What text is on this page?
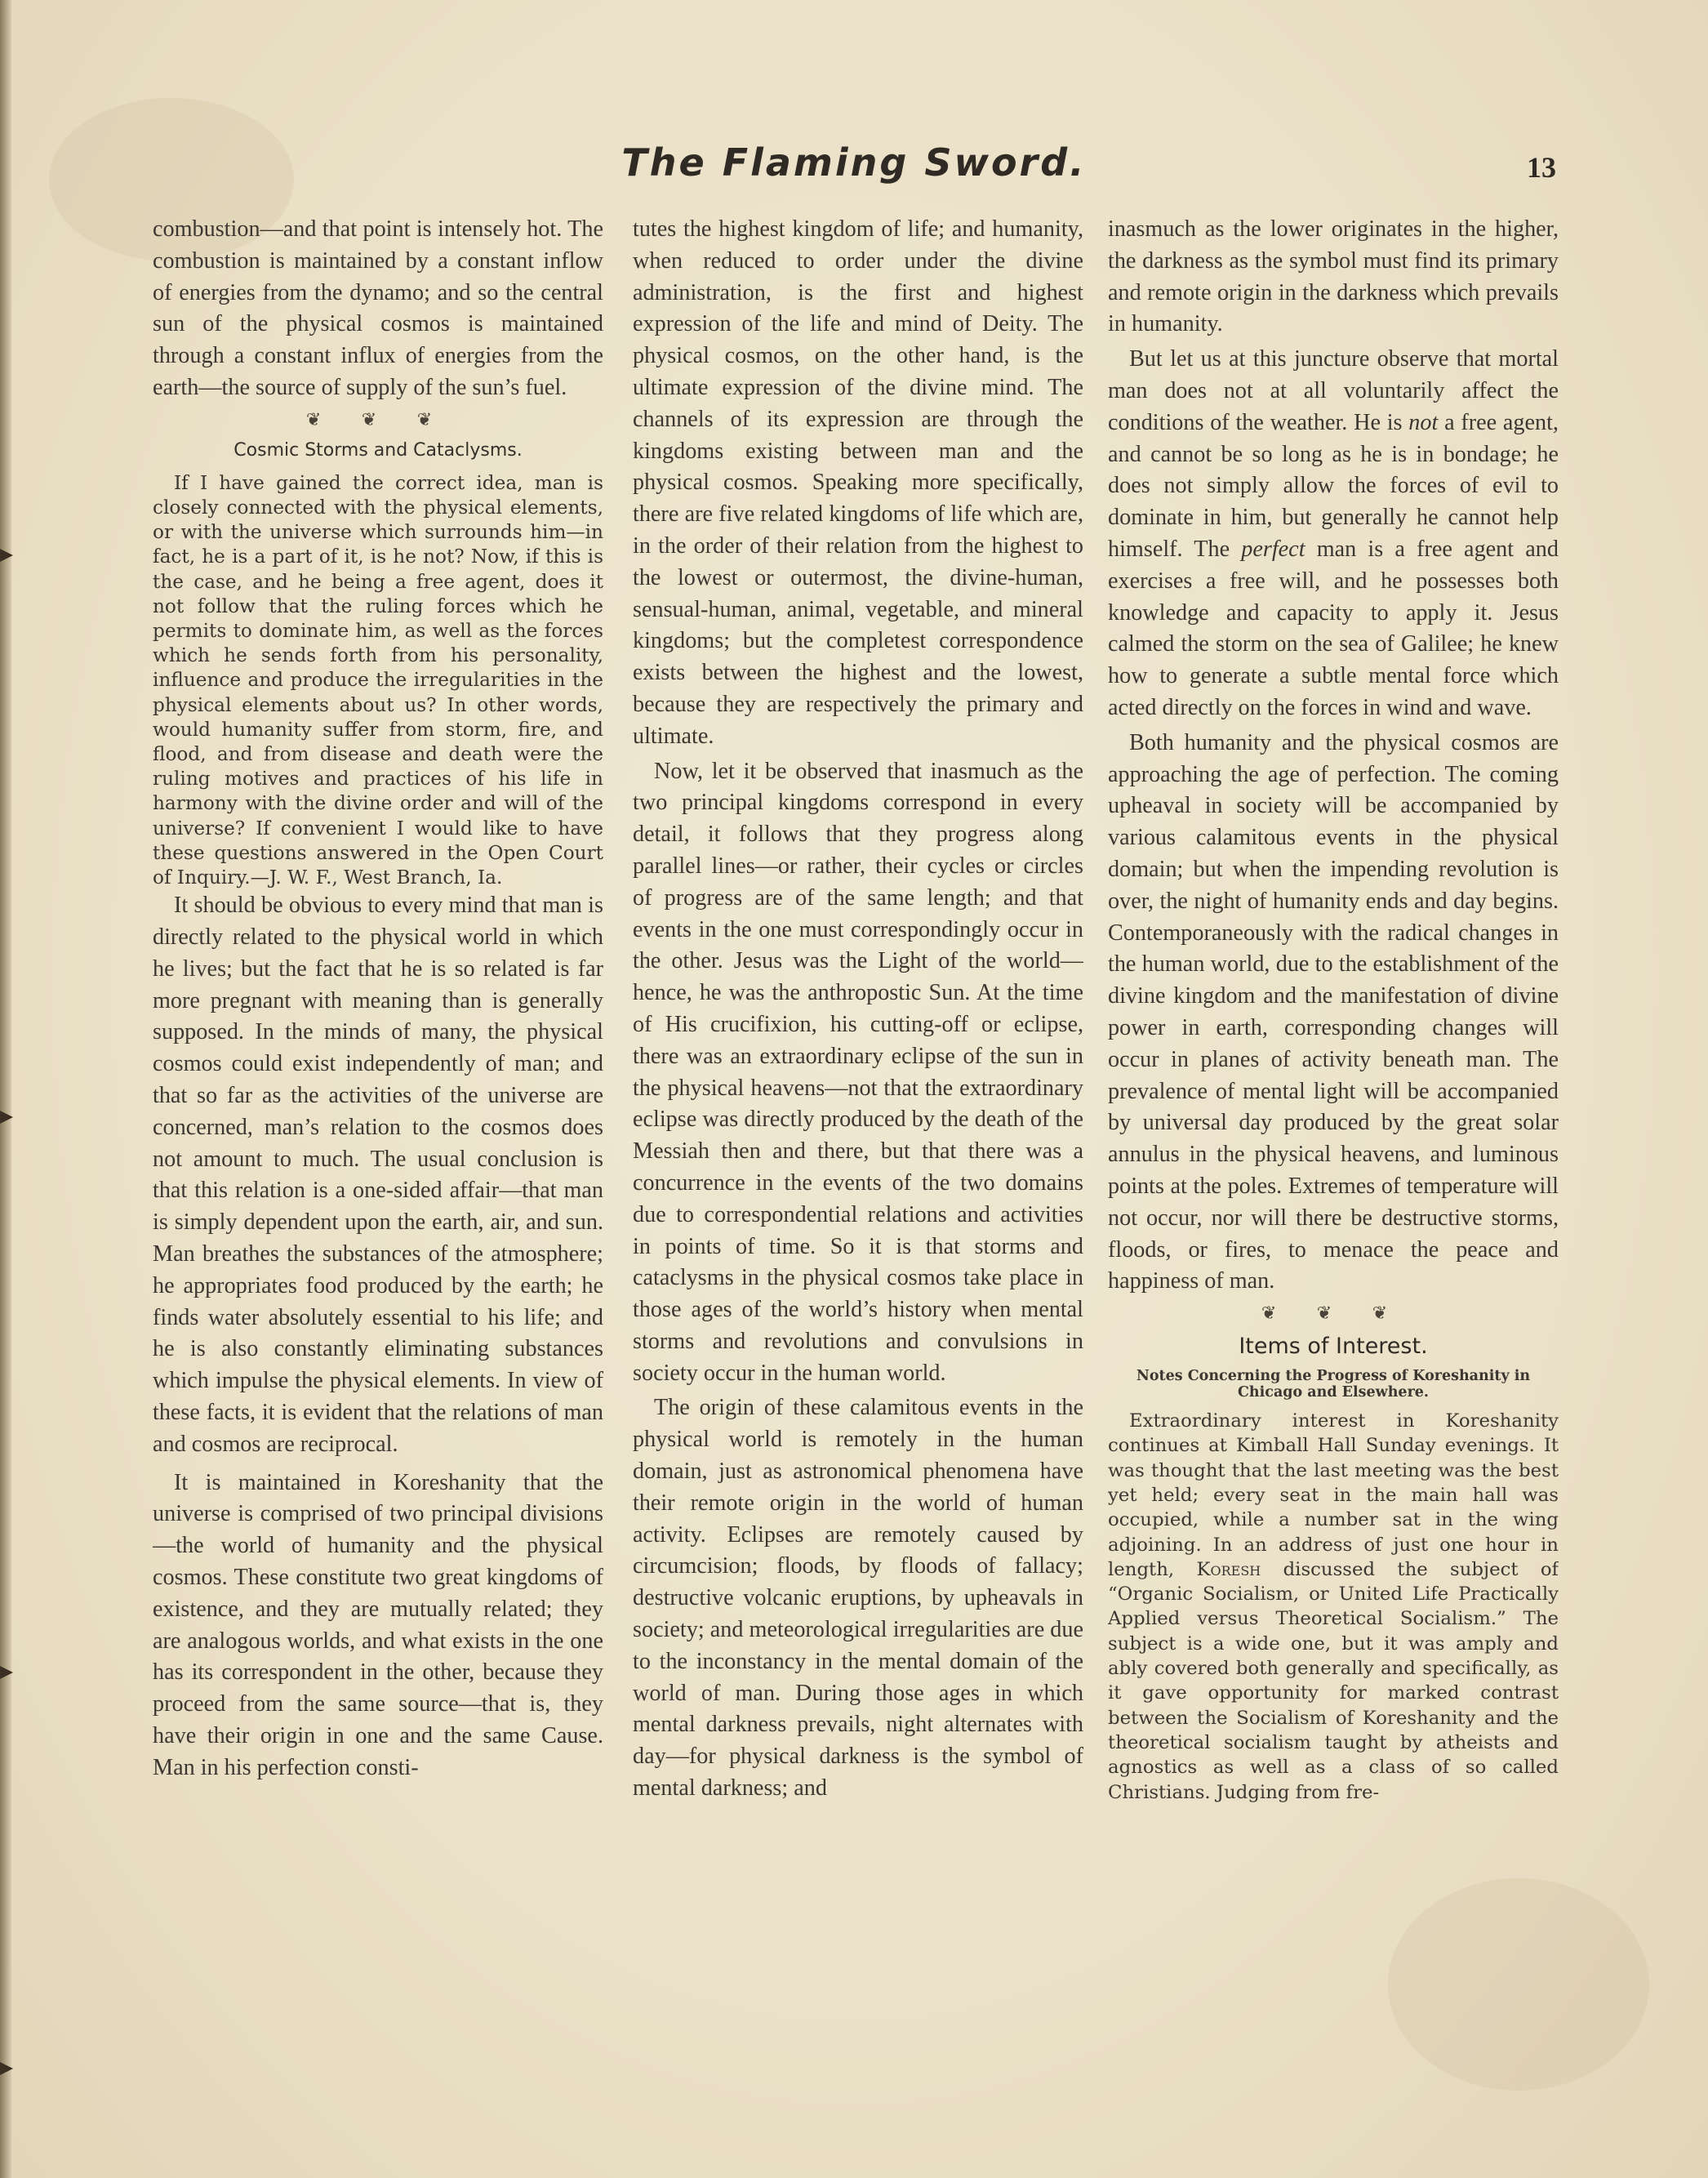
The Flaming Sword.	13

combustion—and that point is intensely hot. The combustion is maintained by a constant inflow of energies from the dynamo; and so the central sun of the physical cosmos is maintained through a constant influx of energies from the earth—the source of supply of the sun’s fuel.

❦ ❦ ❦
Cosmic Storms and Cataclysms.

If I have gained the correct idea, man is closely connected with the physical elements, or with the universe which surrounds him—in fact, he is a part of it, is he not? Now, if this is the case, and he being a free agent, does it not follow that the ruling forces which he permits to dominate him, as well as the forces which he sends forth from his personality, influence and produce the irregularities in the physical elements about us? In other words, would humanity suffer from storm, fire, and flood, and from disease and death were the ruling motives and practices of his life in harmony with the divine order and will of the universe? If convenient I would like to have these questions answered in the Open Court of Inquiry.—J. W. F., West Branch, Ia.

It should be obvious to every mind that man is directly related to the physical world in which he lives; but the fact that he is so related is far more pregnant with meaning than is generally supposed. In the minds of many, the physical cosmos could exist independently of man; and that so far as the activities of the universe are concerned, man’s relation to the cosmos does not amount to much. The usual conclusion is that this relation is a one-sided affair—that man is simply dependent upon the earth, air, and sun. Man breathes the substances of the atmosphere; he appropriates food produced by the earth; he finds water absolutely essential to his life; and he is also constantly eliminating substances which impulse the physical elements. In view of these facts, it is evident that the relations of man and cosmos are reciprocal.

It is maintained in Koreshanity that the universe is comprised of two principal divisions—the world of humanity and the physical cosmos. These constitute two great kingdoms of existence, and they are mutually related; they are analogous worlds, and what exists in the one has its correspondent in the other, because they proceed from the same source—that is, they have their origin in one and the same Cause. Man in his perfection consti-

tutes the highest kingdom of life; and humanity, when reduced to order under the divine administration, is the first and highest expression of the life and mind of Deity. The physical cosmos, on the other hand, is the ultimate expression of the divine mind. The channels of its expression are through the kingdoms existing between man and the physical cosmos. Speaking more specifically, there are five related kingdoms of life which are, in the order of their relation from the highest to the lowest or outermost, the divine-human, sensual-human, animal, vegetable, and mineral kingdoms; but the completest correspondence exists between the highest and the lowest, because they are respectively the primary and ultimate.

Now, let it be observed that inasmuch as the two principal kingdoms correspond in every detail, it follows that they progress along parallel lines—or rather, their cycles or circles of progress are of the same length; and that events in the one must correspondingly occur in the other. Jesus was the Light of the world—hence, he was the anthropostic Sun. At the time of His crucifixion, his cutting-off or eclipse, there was an extraordinary eclipse of the sun in the physical heavens—not that the extraordinary eclipse was directly produced by the death of the Messiah then and there, but that there was a concurrence in the events of the two domains due to correspondential relations and activities in points of time. So it is that storms and cataclysms in the physical cosmos take place in those ages of the world’s history when mental storms and revolutions and convulsions in society occur in the human world.

The origin of these calamitous events in the physical world is remotely in the human domain, just as astronomical phenomena have their remote origin in the world of human activity. Eclipses are remotely caused by circumcision; floods, by floods of fallacy; destructive volcanic eruptions, by upheavals in society; and meteorological irregularities are due to the inconstancy in the mental domain of the world of man. During those ages in which mental darkness prevails, night alternates with day—for physical darkness is the symbol of mental darkness; and

inasmuch as the lower originates in the higher, the darkness as the symbol must find its primary and remote origin in the darkness which prevails in humanity.

But let us at this juncture observe that mortal man does not at all voluntarily affect the conditions of the weather. He is not a free agent, and cannot be so long as he is in bondage; he does not simply allow the forces of evil to dominate in him, but generally he cannot help himself. The perfect man is a free agent and exercises a free will, and he possesses both knowledge and capacity to apply it. Jesus calmed the storm on the sea of Galilee; he knew how to generate a subtle mental force which acted directly on the forces in wind and wave.

Both humanity and the physical cosmos are approaching the age of perfection. The coming upheaval in society will be accompanied by various calamitous events in the physical domain; but when the impending revolution is over, the night of humanity ends and day begins. Contemporaneously with the radical changes in the human world, due to the establishment of the divine kingdom and the manifestation of divine power in earth, corresponding changes will occur in planes of activity beneath man. The prevalence of mental light will be accompanied by universal day produced by the great solar annulus in the physical heavens, and luminous points at the poles. Extremes of temperature will not occur, nor will there be destructive storms, floods, or fires, to menace the peace and happiness of man.

❦ ❦ ❦
Items of Interest.
Notes Concerning the Progress of Koreshanity in Chicago and Elsewhere.

Extraordinary interest in Koreshanity continues at Kimball Hall Sunday evenings. It was thought that the last meeting was the best yet held; every seat in the main hall was occupied, while a number sat in the wing adjoining. In an address of just one hour in length, Koresh discussed the subject of “Organic Socialism, or United Life Practically Applied versus Theoretical Socialism.” The subject is a wide one, but it was amply and ably covered both generally and specifically, as it gave opportunity for marked contrast between the Socialism of Koreshanity and the theoretical socialism taught by atheists and agnostics as well as a class of so called Christians. Judging from fre-
